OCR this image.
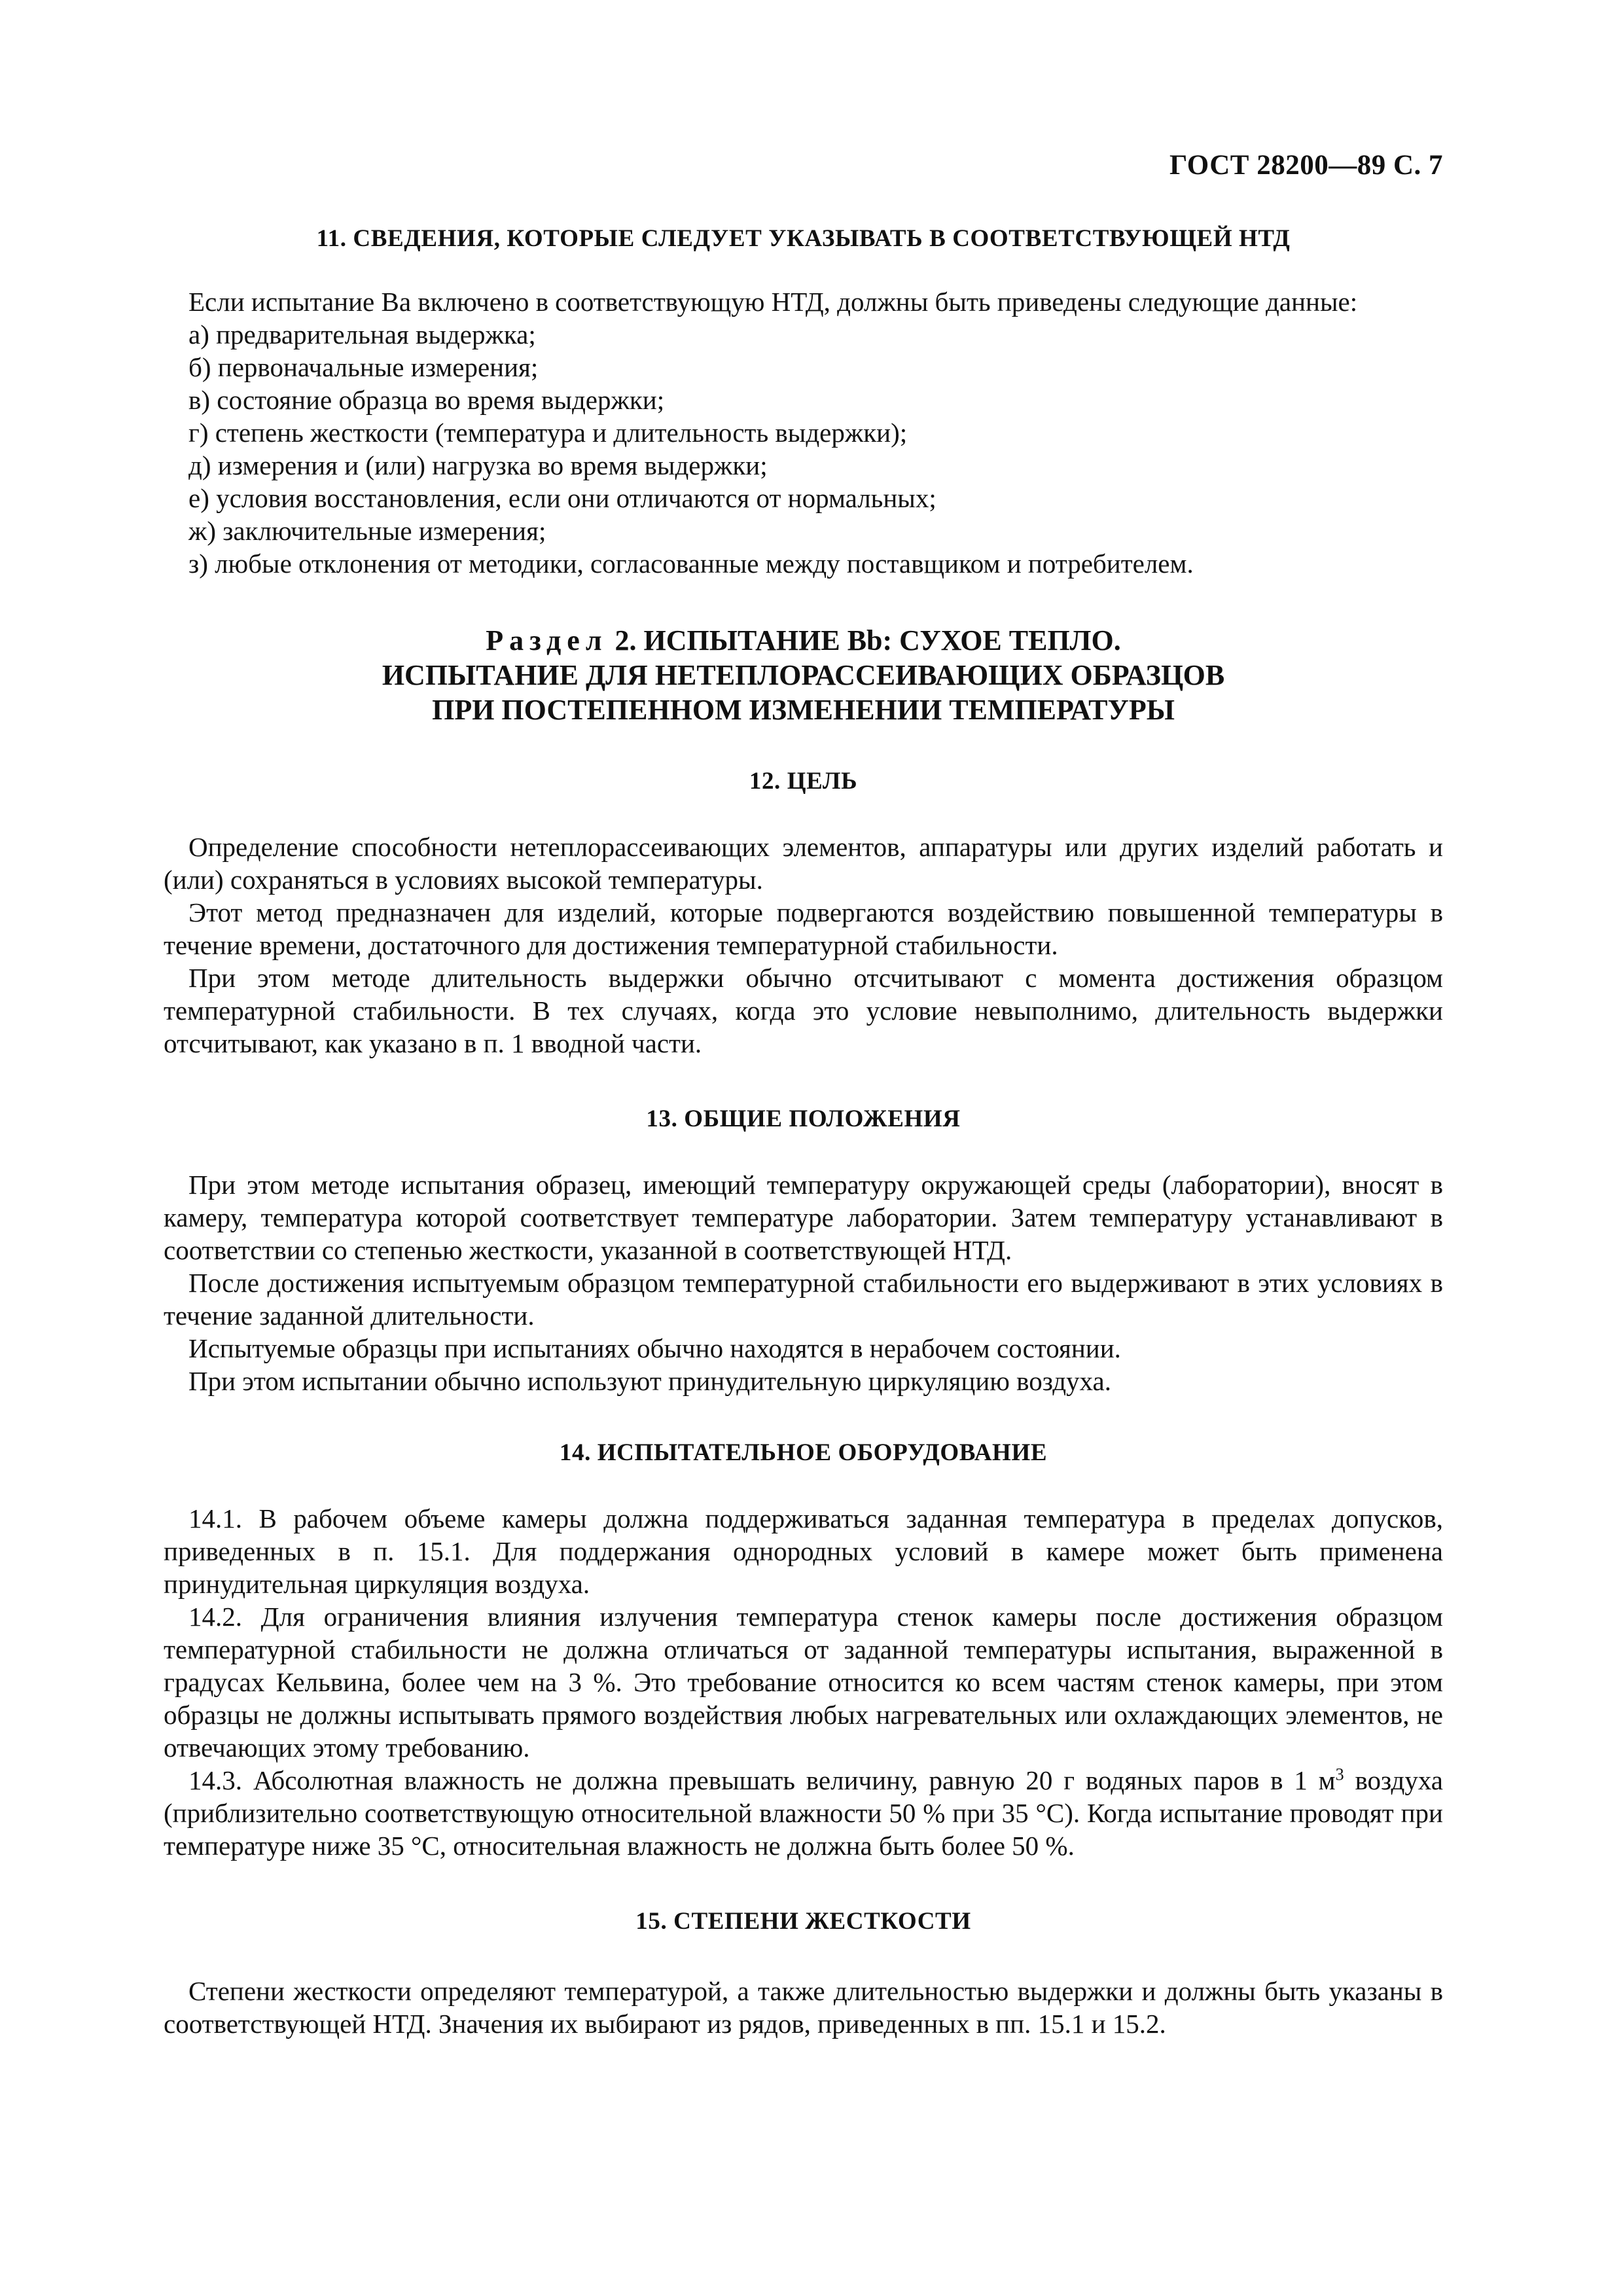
ГОСТ 28200—89 С. 7
11. СВЕДЕНИЯ, КОТОРЫЕ СЛЕДУЕТ УКАЗЫВАТЬ В СООТВЕТСТВУЮЩЕЙ НТД

Если испытание Ва включено в соответствующую НТД, должны быть приведены следующие данные:

а) предварительная выдержка;
б) первоначальные измерения;
в) состояние образца во время выдержки;
г) степень жесткости (температура и длительность выдержки);
д) измерения и (или) нагрузка во время выдержки;
е) условия восстановления, если они отличаются от нормальных;
ж) заключительные измерения;
з) любые отклонения от методики, согласованные между поставщиком и потребителем.
Раздел 2. ИСПЫТАНИЕ Bb: СУХОЕ ТЕПЛО.
ИСПЫТАНИЕ ДЛЯ НЕТЕПЛОРАССЕИВАЮЩИХ ОБРАЗЦОВ
ПРИ ПОСТЕПЕННОМ ИЗМЕНЕНИИ ТЕМПЕРАТУРЫ
12. ЦЕЛЬ

Определение способности нетеплорассеивающих элементов, аппаратуры или других изделий работать и (или) сохраняться в условиях высокой температуры.

Этот метод предназначен для изделий, которые подвергаются воздействию повышенной температуры в течение времени, достаточного для достижения температурной стабильности.

При этом методе длительность выдержки обычно отсчитывают с момента достижения образцом температурной стабильности. В тех случаях, когда это условие невыполнимо, длительность выдержки отсчитывают, как указано в п. 1 вводной части.

13. ОБЩИЕ ПОЛОЖЕНИЯ

При этом методе испытания образец, имеющий температуру окружающей среды (лаборатории), вносят в камеру, температура которой соответствует температуре лаборатории. Затем температуру устанавливают в соответствии со степенью жесткости, указанной в соответствующей НТД.

После достижения испытуемым образцом температурной стабильности его выдерживают в этих условиях в течение заданной длительности.

Испытуемые образцы при испытаниях обычно находятся в нерабочем состоянии.

При этом испытании обычно используют принудительную циркуляцию воздуха.

14. ИСПЫТАТЕЛЬНОЕ ОБОРУДОВАНИЕ

14.1. В рабочем объеме камеры должна поддерживаться заданная температура в пределах допусков, приведенных в п. 15.1. Для поддержания однородных условий в камере может быть применена принудительная циркуляция воздуха.

14.2. Для ограничения влияния излучения температура стенок камеры после достижения образцом температурной стабильности не должна отличаться от заданной температуры испытания, выраженной в градусах Кельвина, более чем на 3 %. Это требование относится ко всем частям стенок камеры, при этом образцы не должны испытывать прямого воздействия любых нагревательных или охлаждающих элементов, не отвечающих этому требованию.

14.3. Абсолютная влажность не должна превышать величину, равную 20 г водяных паров в 1 $м^3$ воздуха (приблизительно соответствующую относительной влажности 50 % при 35 °С). Когда испытание проводят при температуре ниже 35 °С, относительная влажность не должна быть более 50 %.

15. СТЕПЕНИ ЖЕСТКОСТИ

Степени жесткости определяют температурой, а также длительностью выдержки и должны быть указаны в соответствующей НТД. Значения их выбирают из рядов, приведенных в пп. 15.1 и 15.2.
